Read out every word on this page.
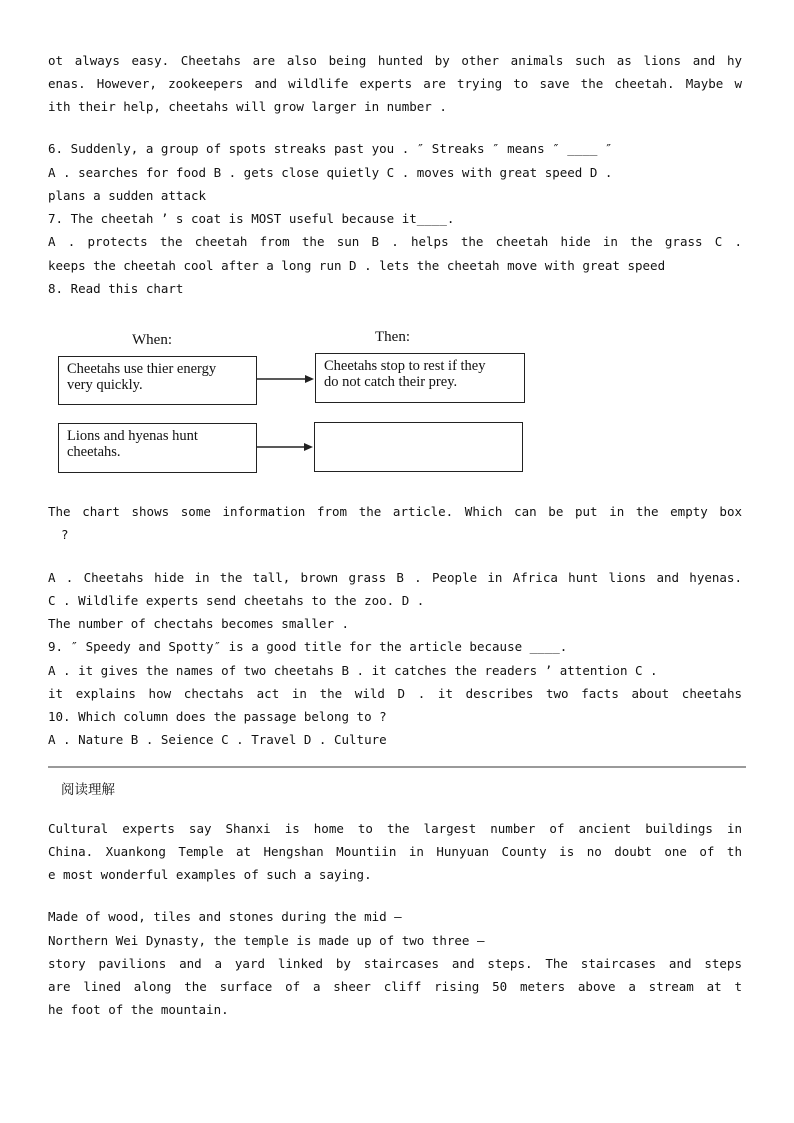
ot always easy. Cheetahs are also being hunted by other animals such as lions and hy
enas. However, zookeepers and wildlife experts are trying to save the cheetah. Maybe w
ith their help, cheetahs will grow larger in number .
6. Suddenly, a group of spots streaks past you . ″ Streaks ″ means ″ ____ ″
A . searches for food B . gets close quietly C . moves with great speed D .
plans a sudden attack
7. The cheetah ’ s coat is MOST useful because it____.
A . protects the cheetah from the sun B . helps the cheetah hide in the grass C .
keeps the cheetah cool after a long run D . lets the cheetah move with great speed
8. Read this chart
When:	Then:
Cheetahs use thier energy
very quickly.
Cheetahs stop to rest if they
do not catch their prey.
Lions and hyenas hunt
cheetahs.
The chart shows some information from the article. Which can be put in the empty box
?
A . Cheetahs hide in the tall, brown grass B . People in Africa hunt lions and hyenas.
C . Wildlife experts send cheetahs to the zoo. D .
The number of chectahs becomes smaller .
9. ″ Speedy and Spotty″ is a good title for the article because ____.
A . it gives the names of two cheetahs B . it catches the readers ’ attention C .
it explains how chectahs act in the wild D . it describes two facts about cheetahs
10. Which column does the passage belong to ?
A . Nature B . Seience C . Travel D . Culture
阅读理解
Cultural experts say Shanxi is home to the largest number of ancient buildings in
China. Xuankong Temple at Hengshan Mountiin in Hunyuan County is no doubt one of th
e most wonderful examples of such a saying.
Made of wood, tiles and stones during the mid –
Northern Wei Dynasty, the temple is made up of two three –
story pavilions and a yard linked by staircases and steps. The staircases and steps
are lined along the surface of a sheer cliff rising 50 meters above a stream at t
he foot of the mountain.
